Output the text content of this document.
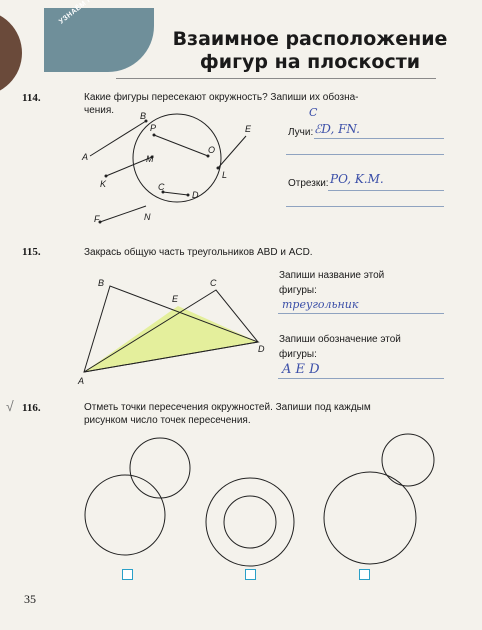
Взаимное расположение
фигур на плоскости
114.	Какие фигуры пересекают окружность? Запиши их обозна-
чения.	B
P	E
A	M
O
L
K	C
D
F	N
Лучи:
С
ℰD, FN.
Отрезки: PO, K.M.
115.	Закрась общую часть треугольников ABD и ACD.
B	C
E
D
A
Запиши название этой
фигуры:
треугольник
Запиши обозначение этой
фигуры:
A E D
√ 116.	Отметь точки пересечения окружностей. Запиши под каждым
рисунком число точек пересечения.
35
